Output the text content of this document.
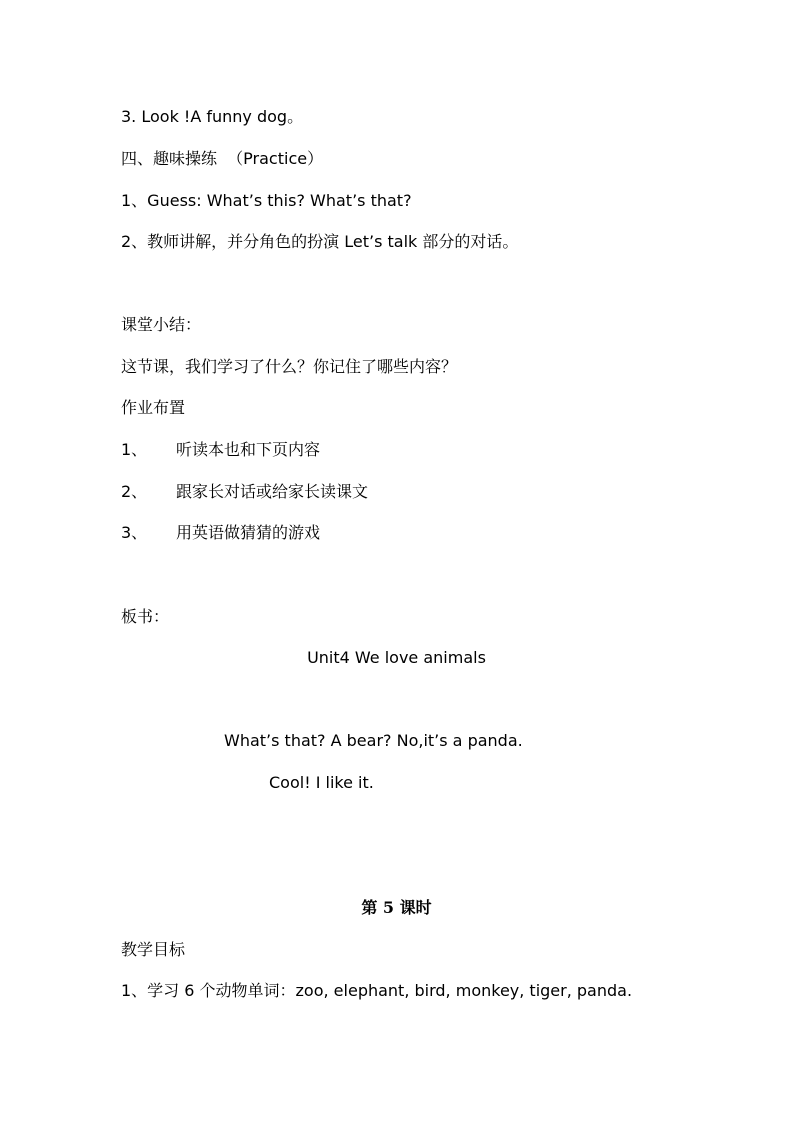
3. Look !A funny dog。
四、趣味操练  （Practice）
1、Guess: What’s this? What’s that?
2、教师讲解，并分角色的扮演 Let’s talk 部分的对话。
课堂小结：
这节课，我们学习了什么？你记住了哪些内容？
作业布置
1、 听读本也和下页内容
2、 跟家长对话或给家长读课文
3、 用英语做猜猜的游戏
板书：
Unit4 We love animals
What’s that? A bear? No,it’s a panda.
Cool! I like it.
第 5 课时
教学目标
1、学习 6 个动物单词：zoo, elephant, bird, monkey, tiger, panda.
